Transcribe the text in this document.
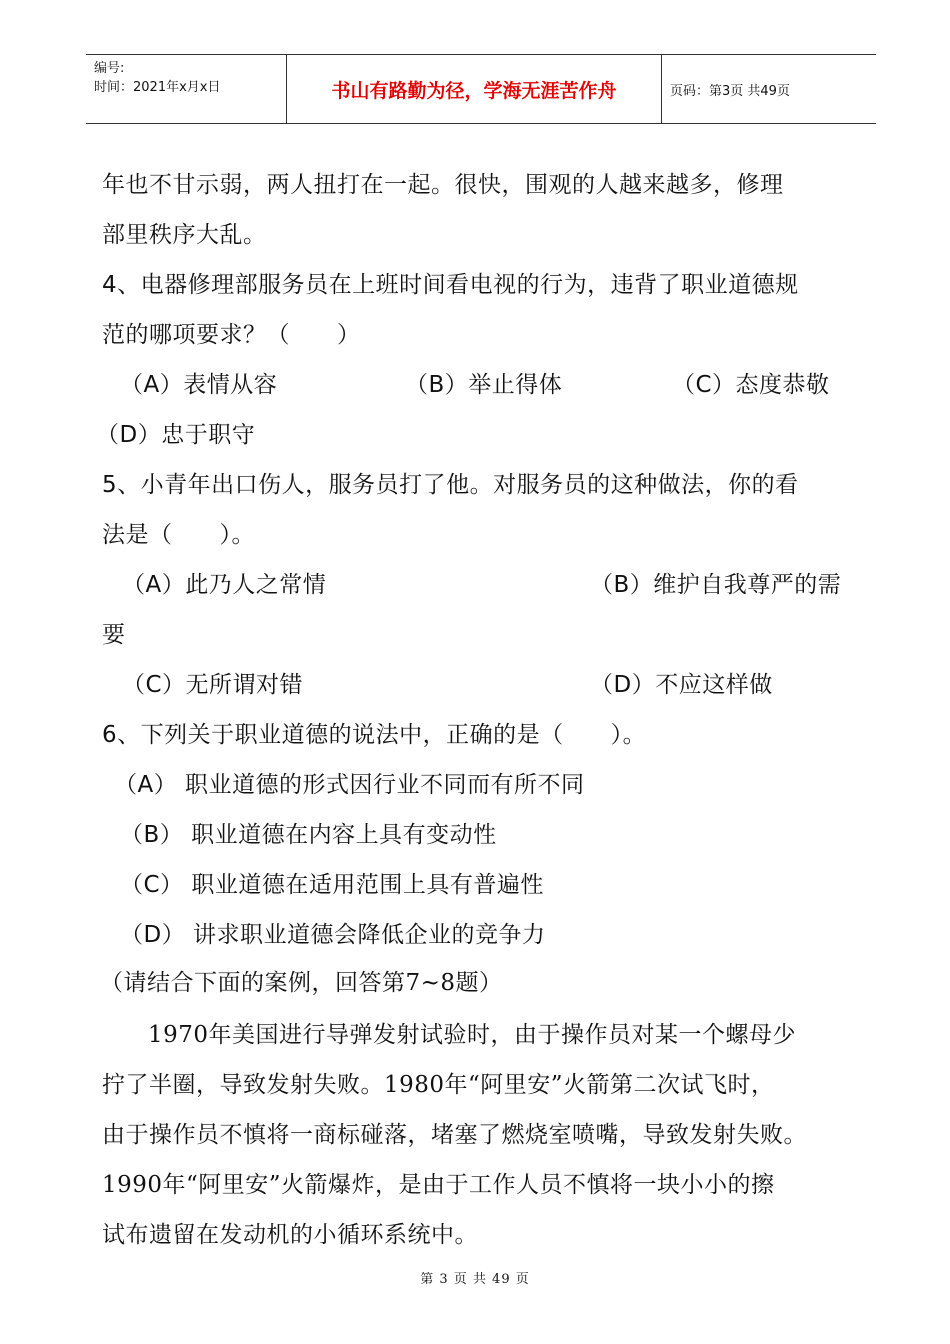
编号:
时间：2021年x月x日	书山有路勤为径，学海无涯苦作舟	页码：第3页 共49页
年也不甘示弱，两人扭打在一起。很快，围观的人越来越多，修理
部里秩序大乱。
4、电器修理部服务员在上班时间看电视的行为，违背了职业道德规
范的哪项要求？（　　）
（A）表情从容	（B）举止得体	（C）态度恭敬
（D）忠于职守
5、小青年出口伤人，服务员打了他。对服务员的这种做法，你的看
法是（　　）。
（A）此乃人之常情	（B）维护自我尊严的需
要
（C）无所谓对错	（D）不应这样做
6、下列关于职业道德的说法中，正确的是（　　）。
（A） 职业道德的形式因行业不同而有所不同
（B） 职业道德在内容上具有变动性
（C） 职业道德在适用范围上具有普遍性
（D） 讲求职业道德会降低企业的竞争力
（请结合下面的案例，回答第7~8题）
1970年美国进行导弹发射试验时，由于操作员对某一个螺母少
拧了半圈，导致发射失败。1980年“阿里安”火箭第二次试飞时，
由于操作员不慎将一商标碰落，堵塞了燃烧室喷嘴，导致发射失败。
1990年“阿里安”火箭爆炸，是由于工作人员不慎将一块小小的擦
试布遗留在发动机的小循环系统中。
第 3 页 共 49 页
